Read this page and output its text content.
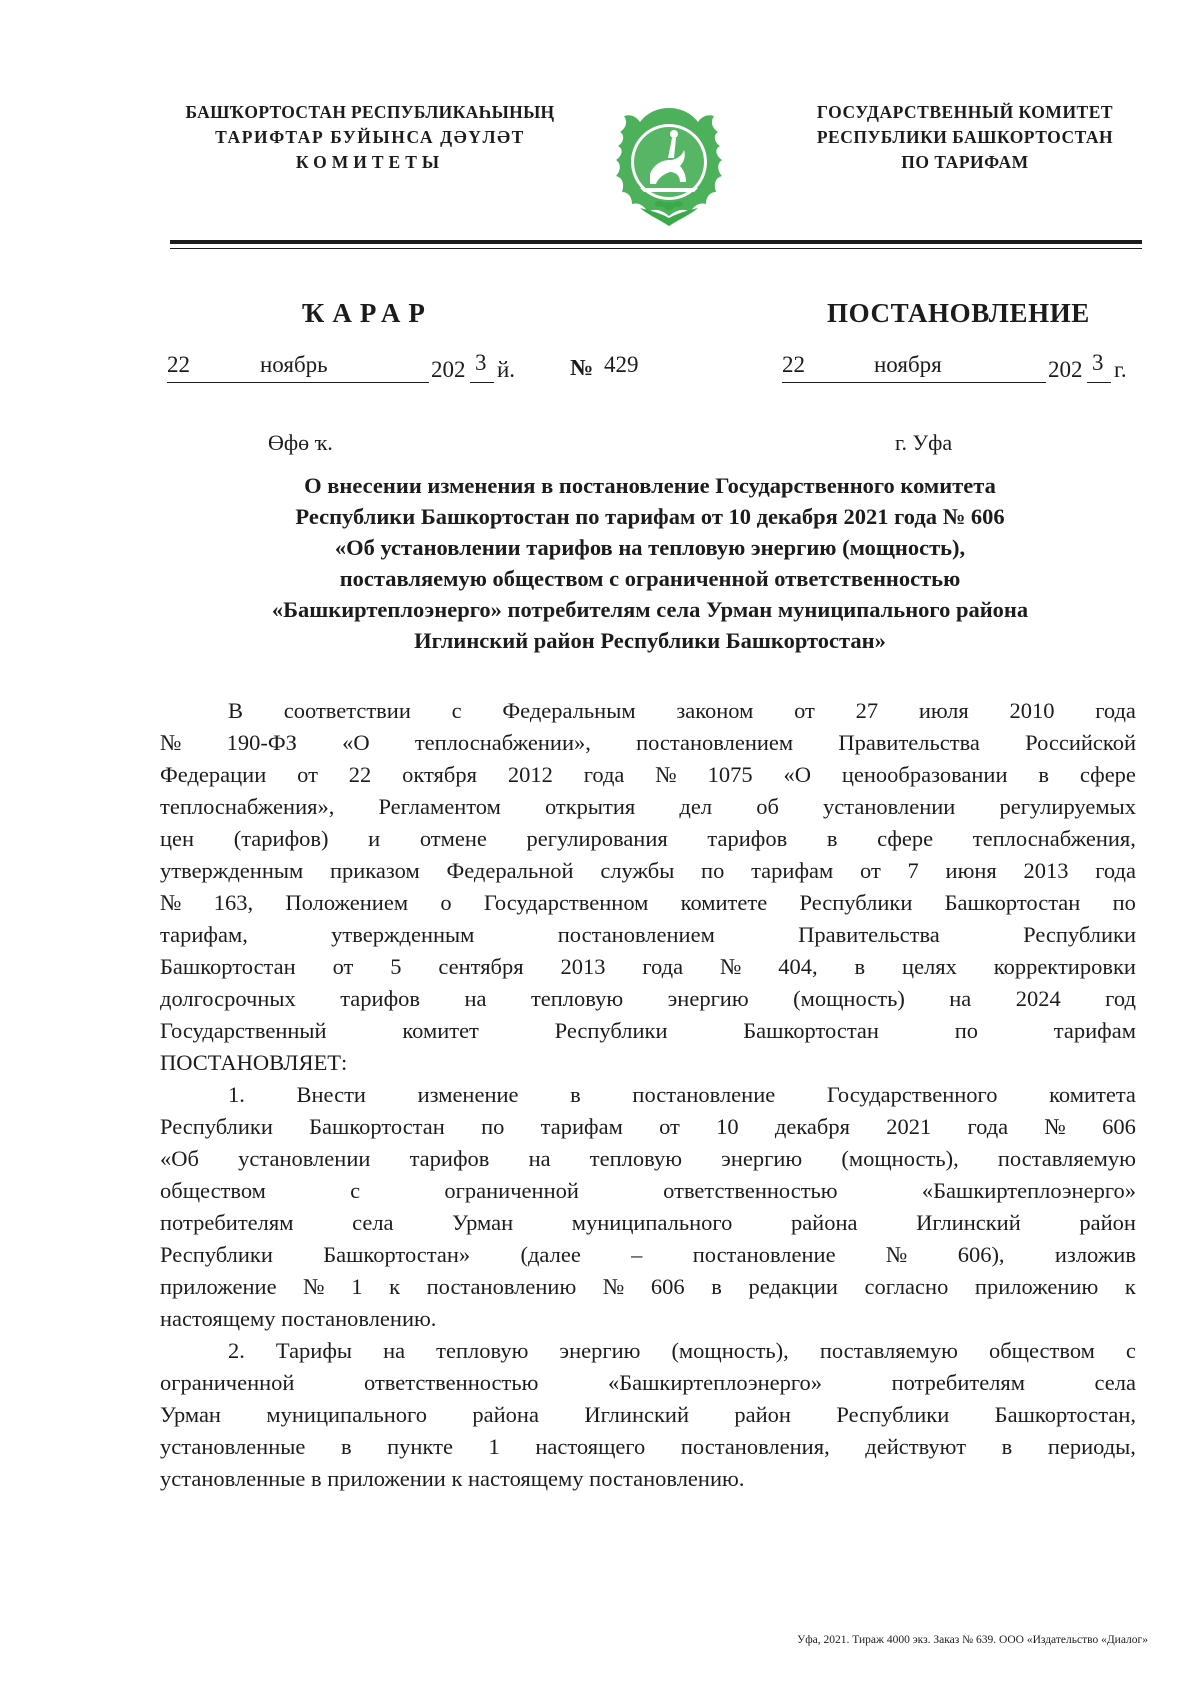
БАШҠОРТОСТАН РЕСПУБЛИКАҺЫНЫҢ
ТАРИФТАР БУЙЫНСА ДӘҮЛӘТ
КОМИТЕТЫ
ГОСУДАРСТВЕННЫЙ КОМИТЕТ
РЕСПУБЛИКИ БАШКОРТОСТАН
ПО ТАРИФАМ
ҠАРАР	ПОСТАНОВЛЕНИЕ
22	ноябрь	202 3 й. № 429	22	ноября	202 3 г.
Өфө ҡ.	г. Уфа
О внесении изменения в постановление Государственного комитета
Республики Башкортостан по тарифам от 10 декабря 2021 года № 606
«Об установлении тарифов на тепловую энергию (мощность),
поставляемую обществом с ограниченной ответственностью
«Башкиртеплоэнерго» потребителям села Урман муниципального района
Иглинский район Республики Башкортостан»
В соответствии с Федеральным законом от 27 июля 2010 года
№ 190-ФЗ «О теплоснабжении», постановлением Правительства Российской
Федерации от 22 октября 2012 года № 1075 «О ценообразовании в сфере
теплоснабжения», Регламентом открытия дел об установлении регулируемых
цен (тарифов) и отмене регулирования тарифов в сфере теплоснабжения,
утвержденным приказом Федеральной службы по тарифам от 7 июня 2013 года
№ 163, Положением о Государственном комитете Республики Башкортостан по
тарифам,	утвержденным	постановлением	Правительства	Республики
Башкортостан от 5 сентября 2013 года № 404, в целях корректировки
долгосрочных тарифов на тепловую энергию (мощность) на 2024 год
Государственный	комитет	Республики	Башкортостан	по	тарифам
ПОСТАНОВЛЯЕТ:
1. Внести изменение в постановление Государственного комитета
Республики Башкортостан по тарифам от 10 декабря 2021 года № 606
«Об установлении тарифов на тепловую энергию (мощность), поставляемую
обществом	с	ограниченной	ответственностью	«Башкиртеплоэнерго»
потребителям	села	Урман	муниципального	района	Иглинский	район
Республики Башкортостан» (далее – постановление № 606), изложив
приложение № 1 к постановлению № 606 в редакции согласно приложению к
настоящему постановлению.
2. Тарифы на тепловую энергию (мощность), поставляемую обществом с
ограниченной	ответственностью	«Башкиртеплоэнерго»	потребителям	села
Урман муниципального района Иглинский район Республики Башкортостан,
установленные в пункте 1 настоящего постановления, действуют в периоды,
установленные в приложении к настоящему постановлению.
Уфа, 2021. Тираж 4000 экз. Заказ № 639. ООО «Издательство «Диалог»
